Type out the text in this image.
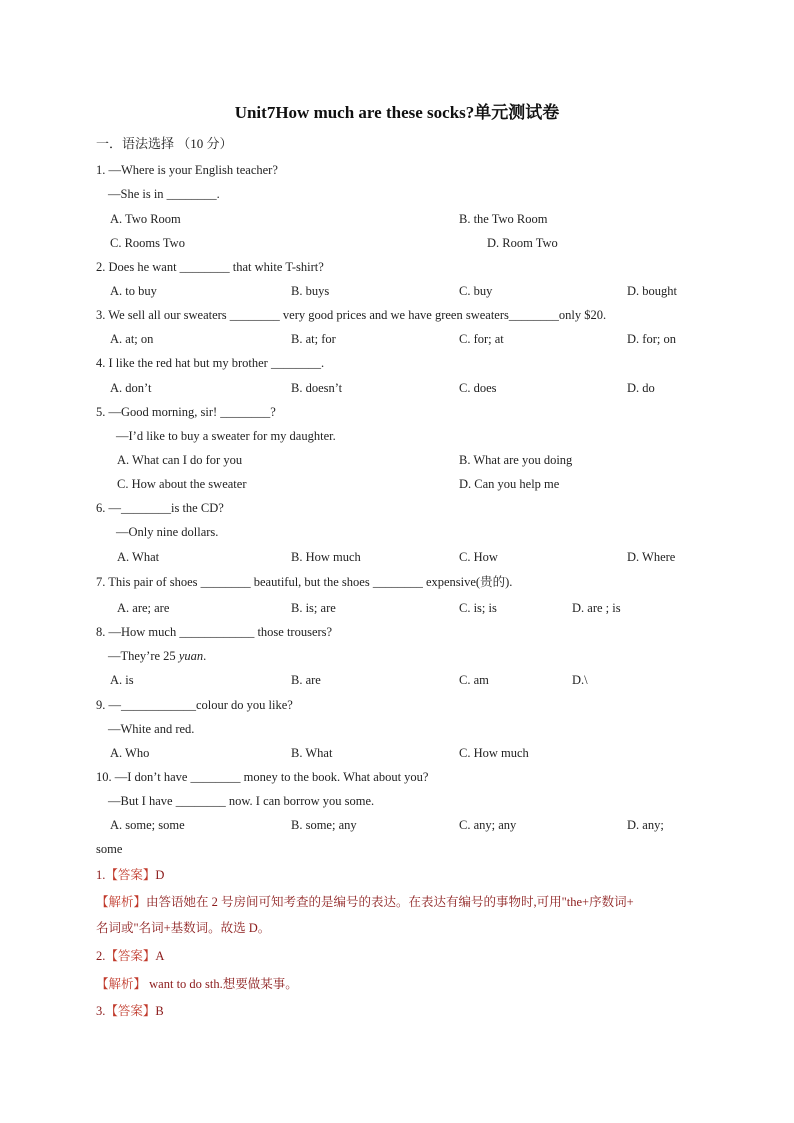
Unit7How much are these socks?单元测试卷
一．语法选择 （10 分）
1. —Where is your English teacher?
—She is in ________.
A. Two Room	B. the Two Room
C. Rooms Two	D. Room Two
2. Does he want ________ that white T-shirt?
A. to buy	B. buys	C. buy	D. bought
3. We sell all our sweaters ________ very good prices and we have green sweaters________only $20.
A. at; on	B. at; for	C. for; at	D. for; on
4. I like the red hat but my brother ________.
A. don’t	B. doesn’t	C. does	D. do
5. —Good morning, sir! ________?
—I’d like to buy a sweater for my daughter.
A. What can I do for you	B. What are you doing
C. How about the sweater	D. Can you help me
6. —________is the CD?
—Only nine dollars.
A. What	B. How much	C. How	D. Where
7. This pair of shoes ________ beautiful, but the shoes ________ expensive(贵的).
A. are; are	B. is; are	C. is; is	D. are ; is
8. —How much ____________ those trousers?
—They’re 25 yuan.
A. is	B. are	C. am	D.\
9. —____________colour do you like?
—White and red.
A. Who	B. What	C. How much
10. —I don’t have ________ money to the book. What about you?
—But I have ________ now. I can borrow you some.
A. some; some	B. some; any	C. any; any	D. any;
some
1.【答案】D
【解析】由答语她在 2 号房间可知考查的是编号的表达。在表达有编号的事物时,可用"the+序数词+
名词或"名词+基数词。故选 D。
2.【答案】A
【解析】 want to do sth.想要做某事。
3.【答案】B
